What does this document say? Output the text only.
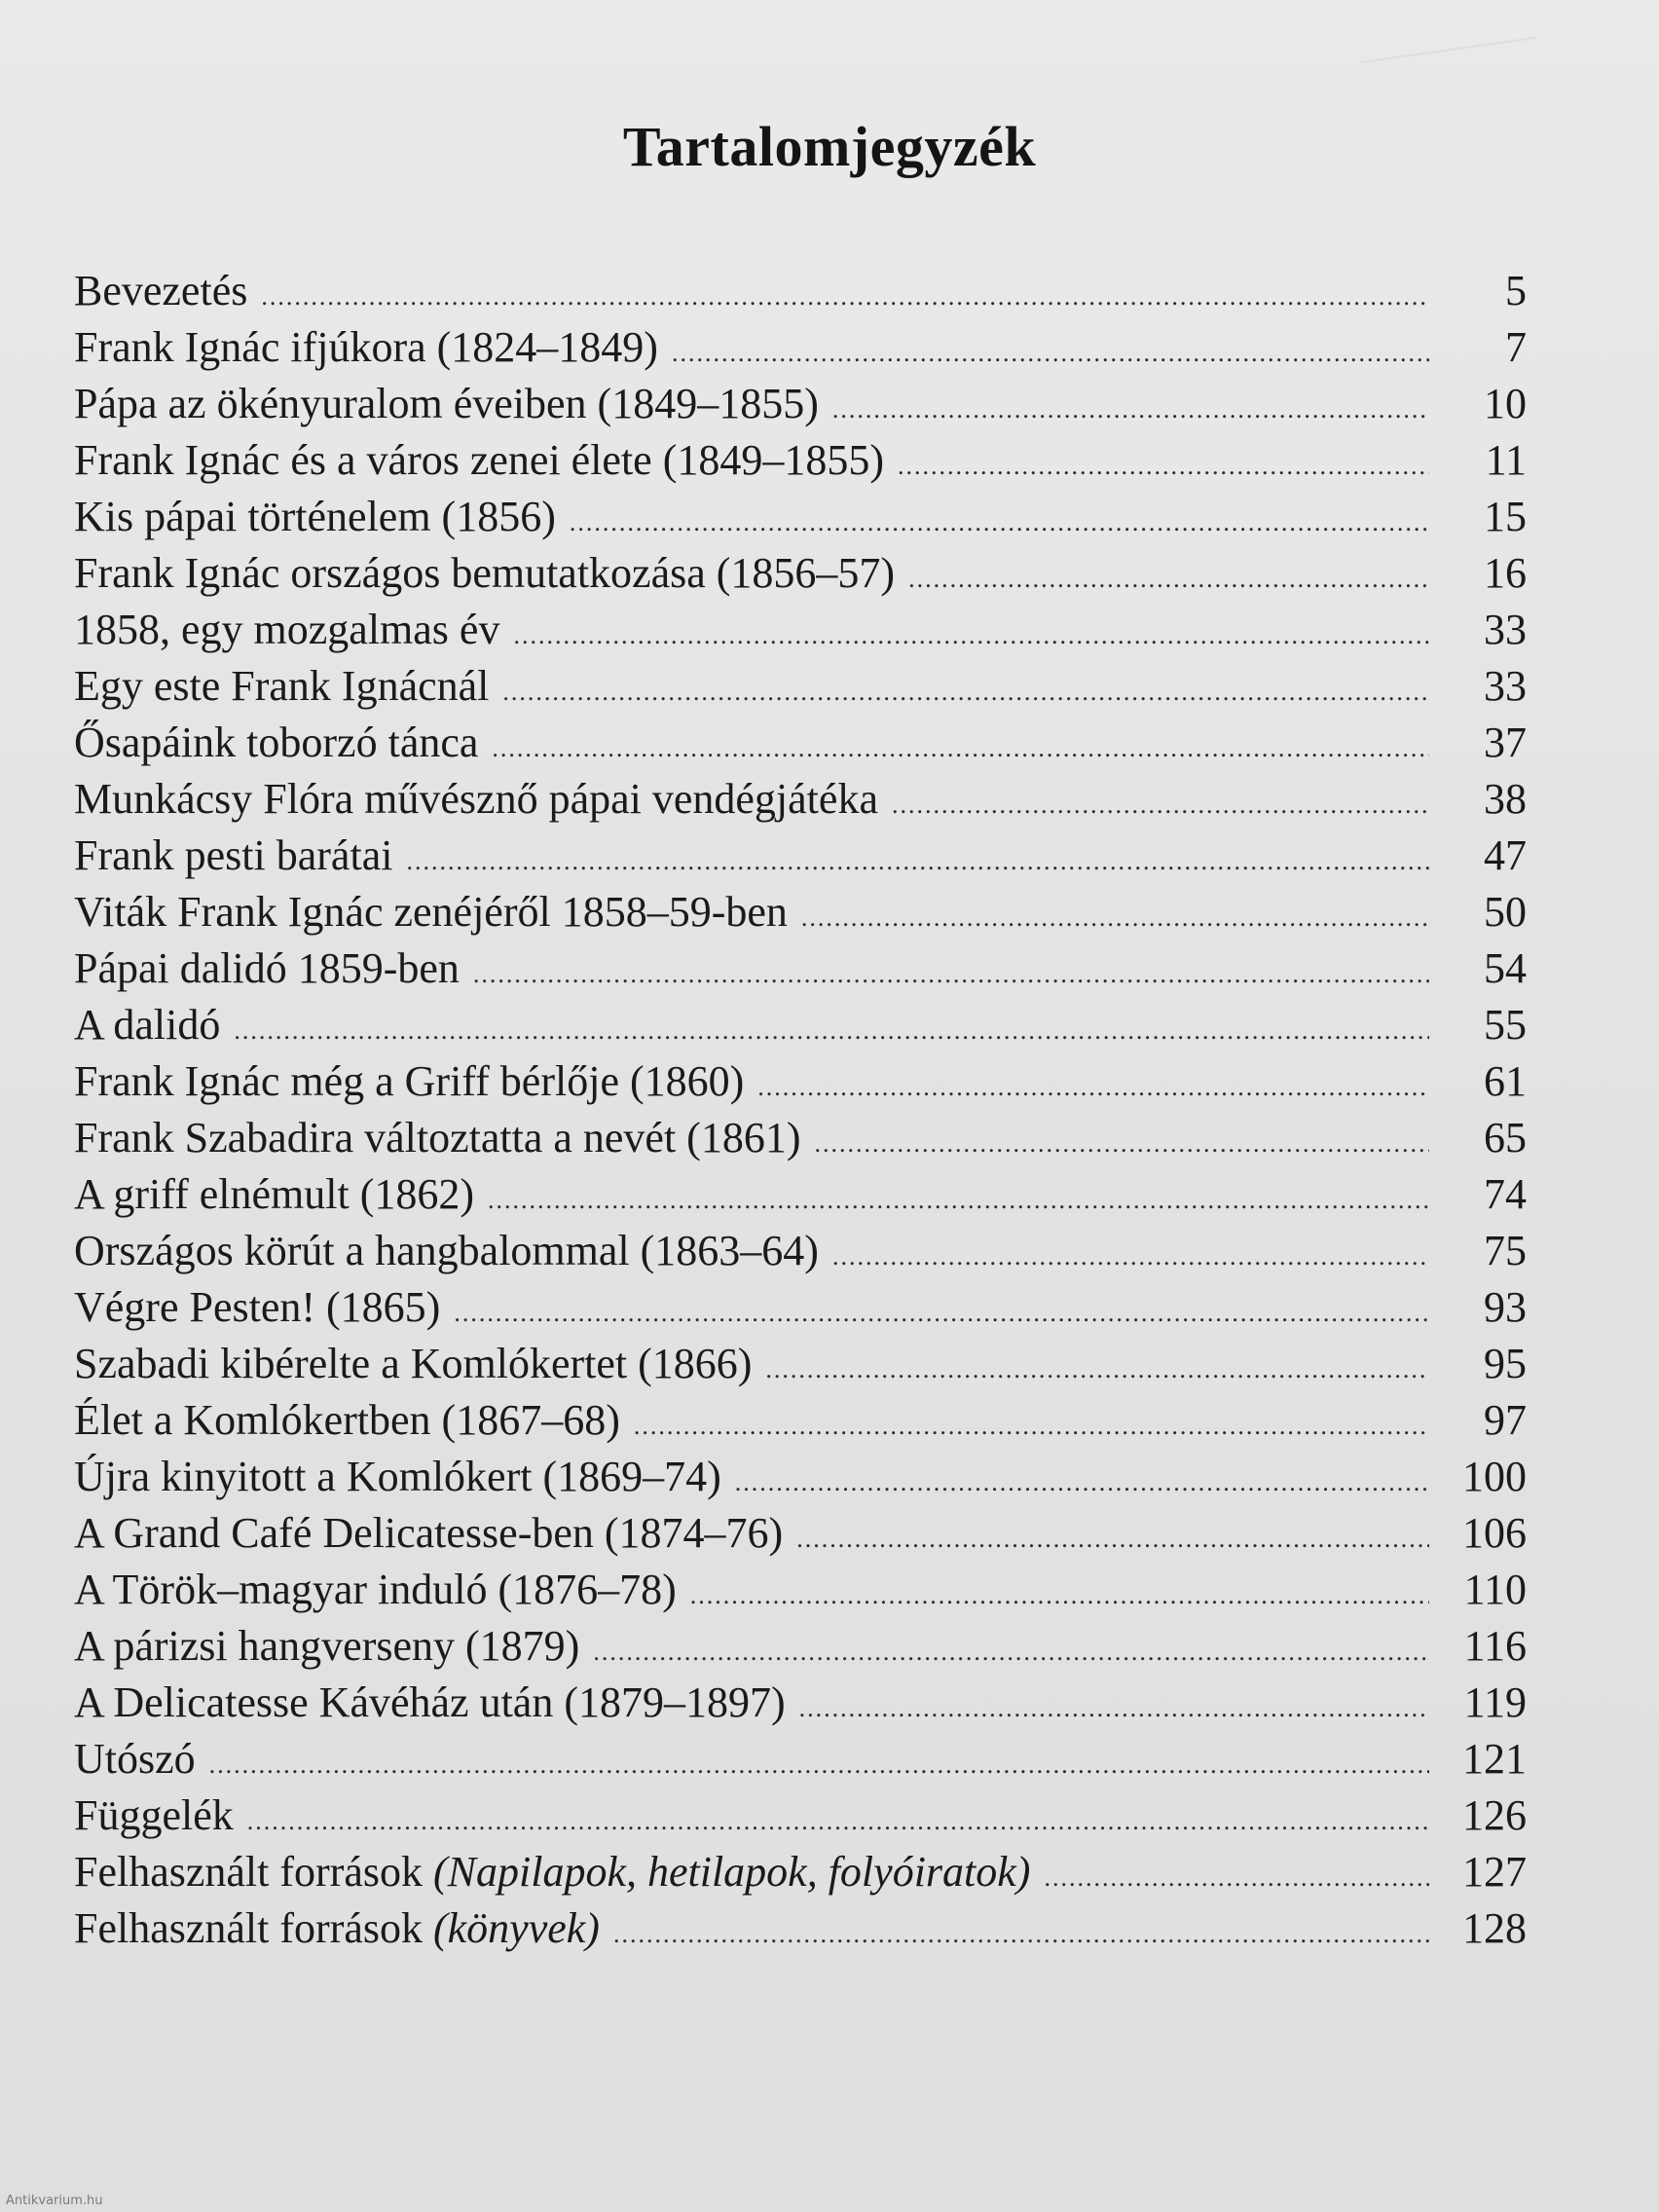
Tartalomjegyzék
Bevezetés .....	5
Frank Ignác ifjúkora (1824–1849) .....	7
Pápa az ökényuralom éveiben (1849–1855) .....	10
Frank Ignác és a város zenei élete (1849–1855) .....	11
Kis pápai történelem (1856) .....	15
Frank Ignác országos bemutatkozása (1856–57) .....	16
1858, egy mozgalmas év .....	33
Egy este Frank Ignácnál .....	33
Ősapáink toborzó tánca .....	37
Munkácsy Flóra művésznő pápai vendégjátéka .....	38
Frank pesti barátai .....	47
Viták Frank Ignác zenéjéről 1858–59-ben .....	50
Pápai dalidó 1859-ben .....	54
A dalidó .....	55
Frank Ignác még a Griff bérlője (1860) .....	61
Frank Szabadira változtatta a nevét (1861) .....	65
A griff elnémult (1862) .....	74
Országos körút a hangbalommal (1863–64) .....	75
Végre Pesten! (1865) .....	93
Szabadi kibérelte a Komlókertet (1866) .....	95
Élet a Komlókertben (1867–68) .....	97
Újra kinyitott a Komlókert (1869–74) .....	100
A Grand Café Delicatesse-ben (1874–76) .....	106
A Török–magyar induló (1876–78) .....	110
A párizsi hangverseny (1879) .....	116
A Delicatesse Kávéház után (1879–1897) .....	119
Utószó .....	121
Függelék .....	126
Felhasznált források (Napilapok, hetilapok, folyóiratok) .....	127
Felhasznált források (könyvek) .....	128
Antikvarium.hu
